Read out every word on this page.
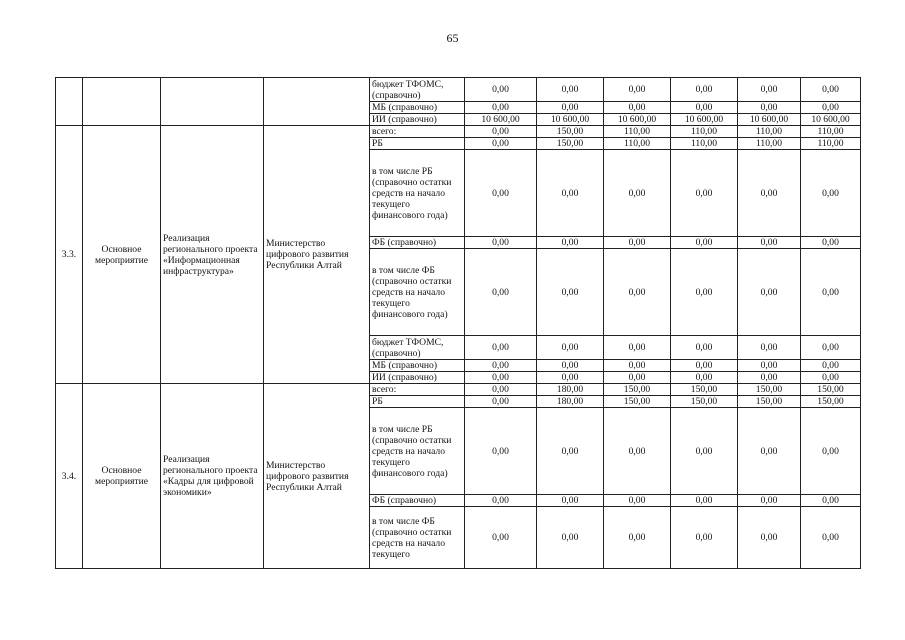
65
				бюджет ТФОМС, (справочно)	0,00	0,00	0,00	0,00	0,00	0,00
				МБ (справочно)	0,00	0,00	0,00	0,00	0,00	0,00
				ИИ (справочно)	10 600,00	10 600,00	10 600,00	10 600,00	10 600,00	10 600,00
3.3.	Основное мероприятие	Реализация регионального проекта «Информационная инфраструктура»	Министерство цифрового развития Республики Алтай	всего:	0,00	150,00	110,00	110,00	110,00	110,00
				РБ	0,00	150,00	110,00	110,00	110,00	110,00
				в том числе РБ (справочно остатки средств на начало текущего финансового года)	0,00	0,00	0,00	0,00	0,00	0,00
				ФБ (справочно)	0,00	0,00	0,00	0,00	0,00	0,00
				в том числе ФБ (справочно остатки средств на начало текущего финансового года)	0,00	0,00	0,00	0,00	0,00	0,00
				бюджет ТФОМС, (справочно)	0,00	0,00	0,00	0,00	0,00	0,00
				МБ (справочно)	0,00	0,00	0,00	0,00	0,00	0,00
				ИИ (справочно)	0,00	0,00	0,00	0,00	0,00	0,00
3.4.	Основное мероприятие	Реализация регионального проекта «Кадры для цифровой экономики»	Министерство цифрового развития Республики Алтай	всего:	0,00	180,00	150,00	150,00	150,00	150,00
				РБ	0,00	180,00	150,00	150,00	150,00	150,00
				в том числе РБ (справочно остатки средств на начало текущего финансового года)	0,00	0,00	0,00	0,00	0,00	0,00
				ФБ (справочно)	0,00	0,00	0,00	0,00	0,00	0,00
				в том числе ФБ (справочно остатки средств на начало текущего	0,00	0,00	0,00	0,00	0,00	0,00
